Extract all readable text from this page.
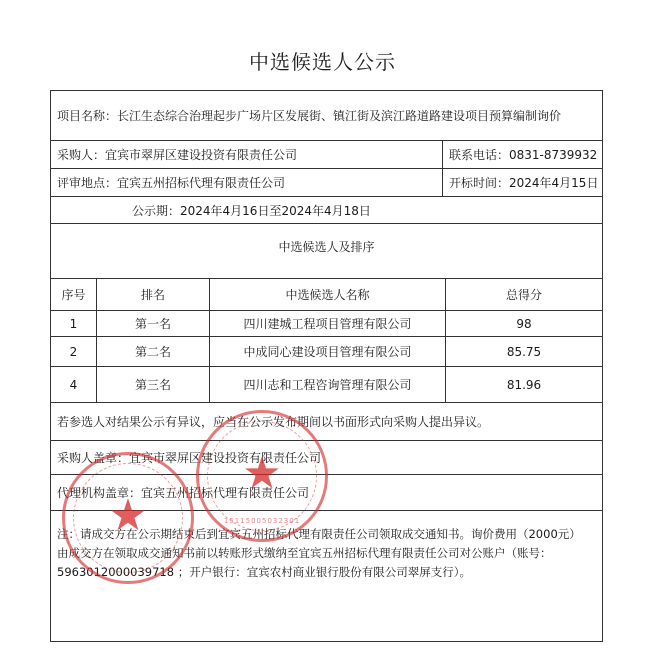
中选候选人公示
项目名称：长江生态综合治理起步广场片区发展街、镇江街及滨江路道路建设项目预算编制询价
采购人：宜宾市翠屏区建设投资有限责任公司	联系电话：0831-8739932
评审地点：宜宾五州招标代理有限责任公司	开标时间：2024年4月15日
公示期：2024年4月16日至2024年4月18日
中选候选人及排序
序号	排名	中选候选人名称	总得分
1	第一名	四川建城工程项目管理有限公司	98
2	第二名	中成同心建设项目管理有限公司	85.75
4	第三名	四川志和工程咨询管理有限公司	81.96
若参选人对结果公示有异议，应当在公示发布期间以书面形式向采购人提出异议。
采购人盖章：宜宾市翠屏区建设投资有限责任公司
代理机构盖章：宜宾五州招标代理有限责任公司

注：请成交方在公示期结束后到宜宾五州招标代理有限责任公司领取成交通知书。询价费用（2000元）

由成交方在领取成交通知书前以转账形式缴纳至宜宾五州招标代理有限责任公司对公账户（账号：

5963012000039718 ；开户银行：宜宾农村商业银行股份有限公司翠屏支行）。

★
★
15115005032301
